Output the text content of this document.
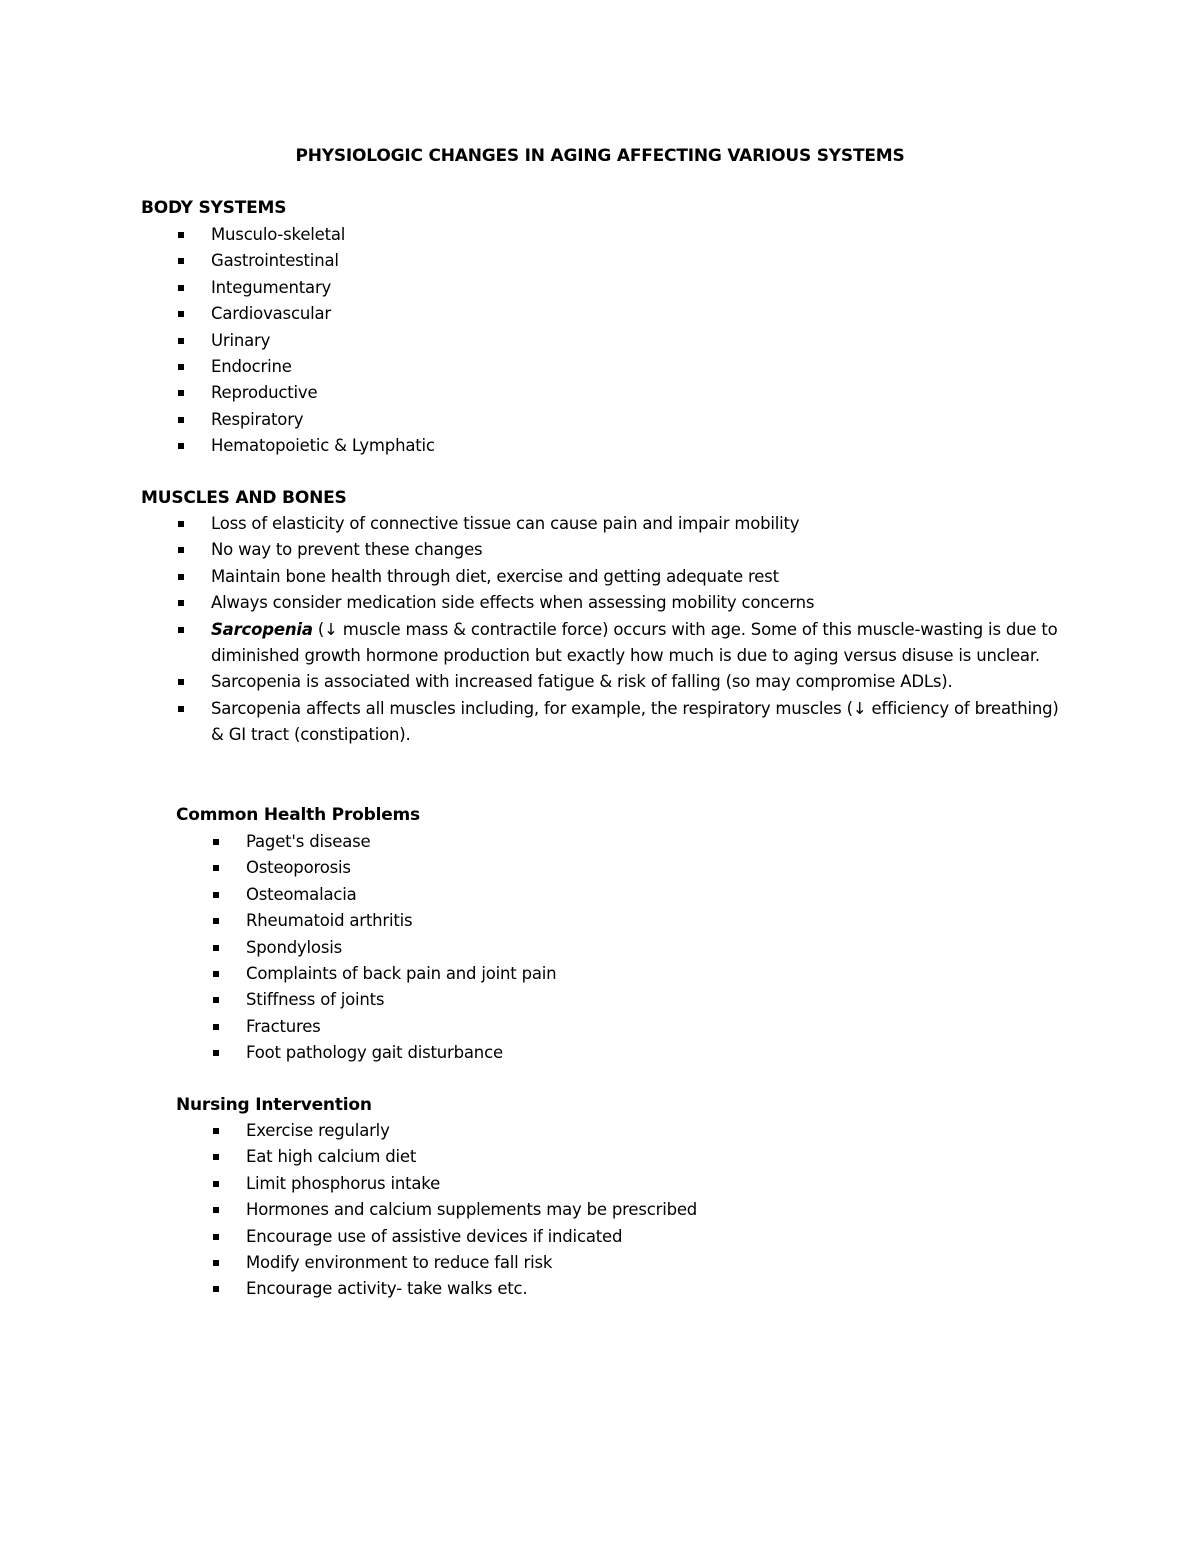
PHYSIOLOGIC CHANGES IN AGING AFFECTING VARIOUS SYSTEMS
BODY SYSTEMS
Musculo-skeletal
Gastrointestinal
Integumentary
Cardiovascular
Urinary
Endocrine
Reproductive
Respiratory
Hematopoietic & Lymphatic
MUSCLES AND BONES
Loss of elasticity of connective tissue can cause pain and impair mobility
No way to prevent these changes
Maintain bone health through diet, exercise and getting adequate rest
Always consider medication side effects when assessing mobility concerns
Sarcopenia (↓ muscle mass & contractile force) occurs with age. Some of this muscle-wasting is due to diminished growth hormone production but exactly how much is due to aging versus disuse is unclear.
Sarcopenia is associated with increased fatigue & risk of falling (so may compromise ADLs).
Sarcopenia affects all muscles including, for example, the respiratory muscles (↓ efficiency of breathing) & GI tract (constipation).
Common Health Problems
Paget's disease
Osteoporosis
Osteomalacia
Rheumatoid arthritis
Spondylosis
Complaints of back pain and joint pain
Stiffness of joints
Fractures
Foot pathology gait disturbance
Nursing Intervention
Exercise regularly
Eat high calcium diet
Limit phosphorus intake
Hormones and calcium supplements may be prescribed
Encourage use of assistive devices if indicated
Modify environment to reduce fall risk
Encourage activity- take walks etc.
